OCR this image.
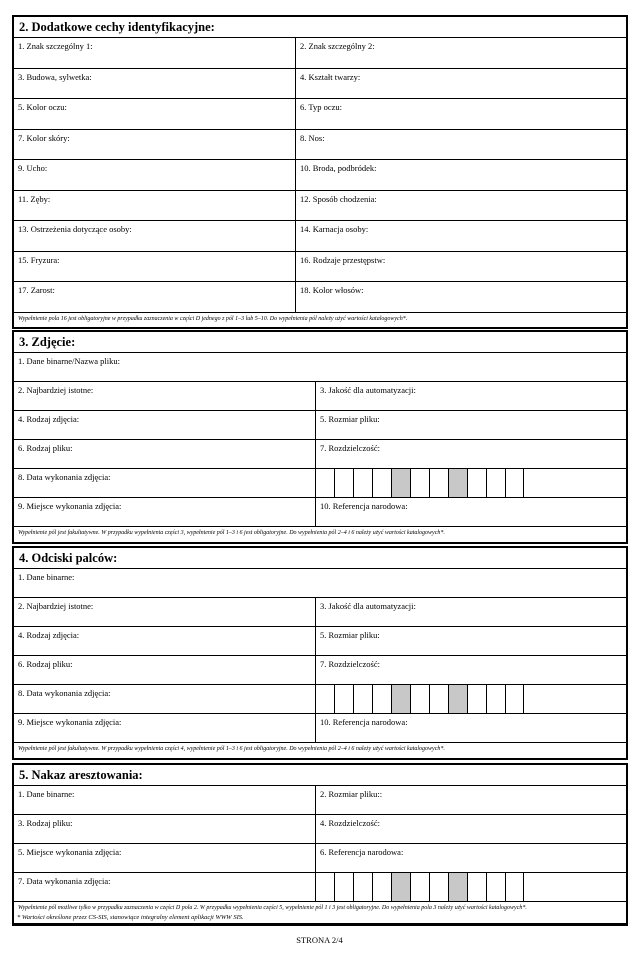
2. Dodatkowe cechy identyfikacyjne:
1. Znak szczególny 1:	2. Znak szczególny 2:
3. Budowa, sylwetka:	4. Kształt twarzy:
5. Kolor oczu:	6. Typ oczu:
7. Kolor skóry:	8. Nos:
9. Ucho:	10. Broda, podbródek:
11. Zęby:	12. Sposób chodzenia:
13. Ostrzeżenia dotyczące osoby:	14. Karnacja osoby:
15. Fryzura:	16. Rodzaje przestępstw:
17. Zarost:	18. Kolor włosów:
Wypełnienie pola 16 jest obligatoryjne w przypadku zaznaczenia w części D jednego z pól 1–3 lub 5–10. Do wypełnienia pól należy użyć wartości katalogowych*.
3. Zdjęcie:
1. Dane binarne/Nazwa pliku:
2. Najbardziej istotne:	3. Jakość dla automatyzacji:
4. Rodzaj zdjęcia:	5. Rozmiar pliku:
6. Rodzaj pliku:	7. Rozdzielczość:
8. Data wykonania zdjęcia:
9. Miejsce wykonania zdjęcia:	10. Referencja narodowa:
Wypełnienie pól jest fakultatywne. W przypadku wypełnienia części 3, wypełnienie pól 1–3 i 6 jest obligatoryjne. Do wypełnienia pól 2–4 i 6 należy użyć wartości katalogowych*.
4. Odciski palców:
1. Dane binarne:
2. Najbardziej istotne:	3. Jakość dla automatyzacji:
4. Rodzaj zdjęcia:	5. Rozmiar pliku:
6. Rodzaj pliku:	7. Rozdzielczość:
8. Data wykonania zdjęcia:
9. Miejsce wykonania zdjęcia:	10. Referencja narodowa:
Wypełnienie pól jest fakultatywne. W przypadku wypełnienia części 4, wypełnienie pól 1–3 i 6 jest obligatoryjne. Do wypełnienia pól 2–4 i 6 należy użyć wartości katalogowych*.
5. Nakaz aresztowania:
1. Dane binarne:	2. Rozmiar pliku::
3. Rodzaj pliku:	4. Rozdzielczość:
5. Miejsce wykonania zdjęcia:	6. Referencja narodowa:
7. Data wykonania zdjęcia:
Wypełnienie pól możliwe tylko w przypadku zaznaczenia w części D pola 2. W przypadku wypełnienia części 5, wypełnienie pól 1 i 3 jest obligatoryjne. Do wypełnienia pola 3 należy użyć wartości katalogowych*.
* Wartości określone przez CS-SIS, stanowiące integralny element aplikacji WWW SIS.
STRONA 2/4
